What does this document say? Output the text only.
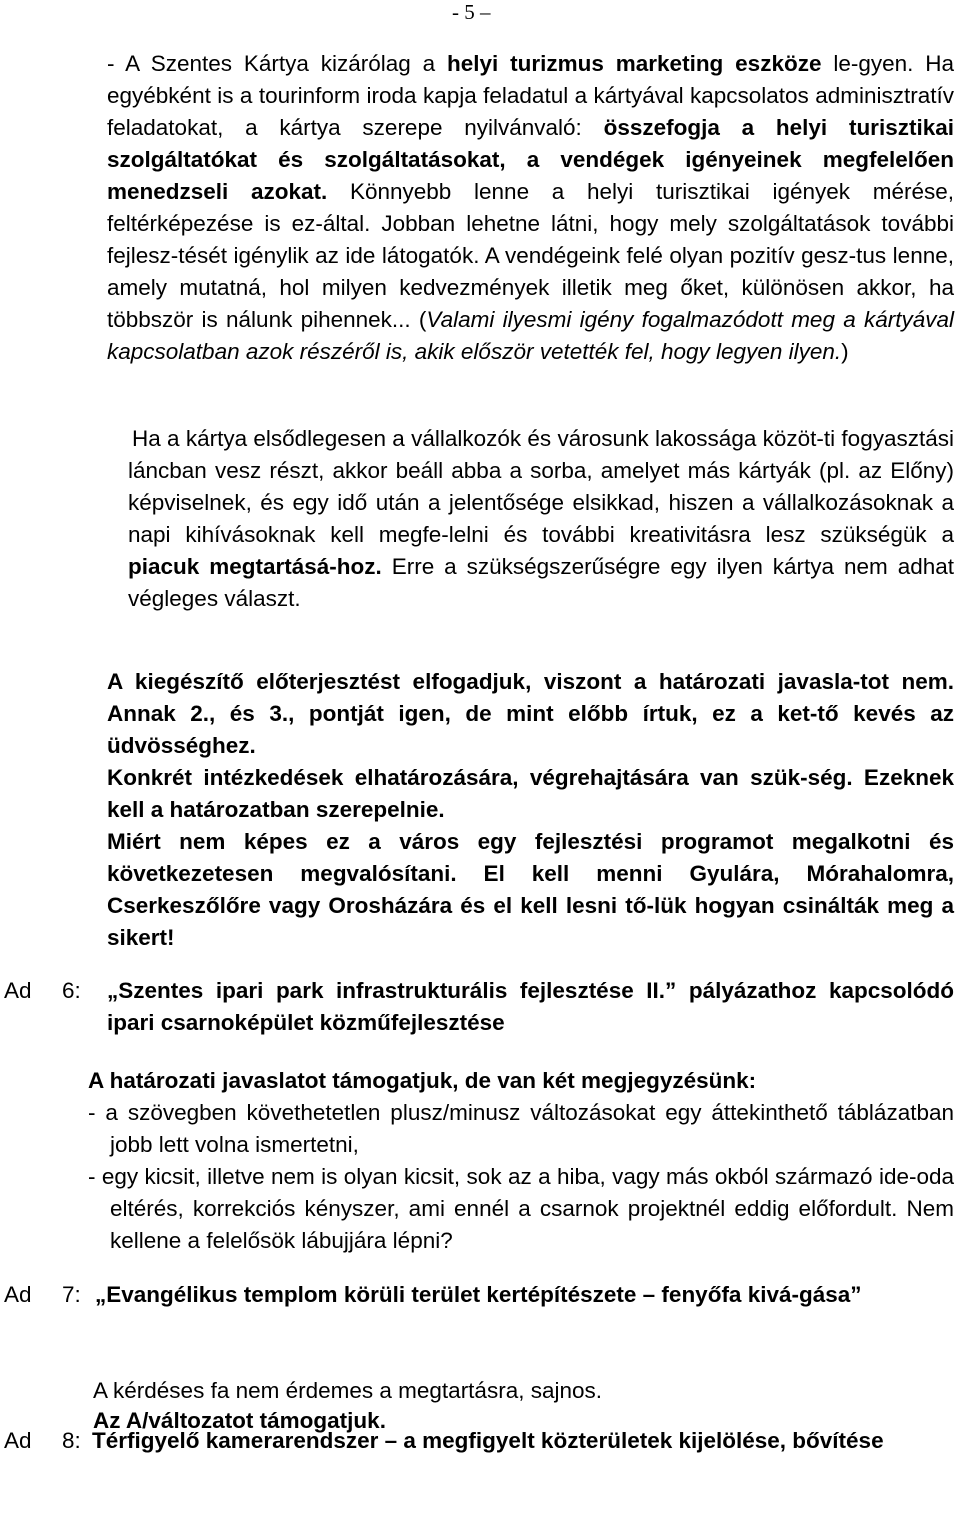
- 5 –

- A Szentes Kártya kizárólag a helyi turizmus marketing eszköze le-gyen. Ha egyébként is a tourinform iroda kapja feladatul a kártyával kapcsolatos adminisztratív feladatokat, a kártya szerepe nyilvánvaló: összefogja a helyi turisztikai szolgáltatókat és szolgáltatásokat, a vendégek igényeinek megfelelően menedzseli azokat. Könnyebb lenne a helyi turisztikai igények mérése, feltérképezése is ez-által. Jobban lehetne látni, hogy mely szolgáltatások további fejlesz-tését igénylik az ide látogatók. A vendégeink felé olyan pozitív gesz-tus lenne, amely mutatná, hol milyen kedvezmények illetik meg őket, különösen akkor, ha többször is nálunk pihennek... (Valami ilyesmi igény fogalmazódott meg a kártyával kapcsolatban azok részéről is, akik először vetették fel, hogy legyen ilyen.)

Ha a kártya elsődlegesen a vállalkozók és városunk lakossága közöt-ti fogyasztási láncban vesz részt, akkor beáll abba a sorba, amelyet más kártyák (pl. az Előny) képviselnek, és egy idő után a jelentősége elsikkad, hiszen a vállalkozásoknak a napi kihívásoknak kell megfe-lelni és további kreativitásra lesz szükségük a piacuk megtartásá-hoz. Erre a szükségszerűségre egy ilyen kártya nem adhat végleges választ.

A kiegészítő előterjesztést elfogadjuk, viszont a határozati javasla-tot nem. Annak 2., és 3., pontját igen, de mint előbb írtuk, ez a ket-tő kevés az üdvösséghez.

Konkrét intézkedések elhatározására, végrehajtására van szük-ség. Ezeknek kell a határozatban szerepelnie.

Miért nem képes ez a város egy fejlesztési programot megalkotni és következetesen megvalósítani. El kell menni Gyulára, Mórahalomra, Cserkeszőlőre vagy Orosházára és el kell lesni tő-lük hogyan csinálták meg a sikert!

Ad 6: „Szentes ipari park infrastrukturális fejlesztése II.” pályázathoz kapcsolódó ipari csarnoképület közműfejlesztése
A határozati javaslatot támogatjuk, de van két megjegyzésünk:

- a szövegben követhetetlen plusz/minusz változásokat egy áttekinthető táblázatban jobb lett volna ismertetni,

- egy kicsit, illetve nem is olyan kicsit, sok az a hiba, vagy más okból származó ide-oda eltérés, korrekciós kényszer, ami ennél a csarnok projektnél eddig előfordult. Nem kellene a felelősök lábujjára lépni?

Ad 7: „Evangélikus templom körüli terület kertépítészete – fenyőfa kivá-gása”
A kérdéses fa nem érdemes a megtartásra, sajnos.
Az A/változatot támogatjuk.
Ad 8: Térfigyelő kamerarendszer – a megfigyelt közterületek kijelölése, bővítése
